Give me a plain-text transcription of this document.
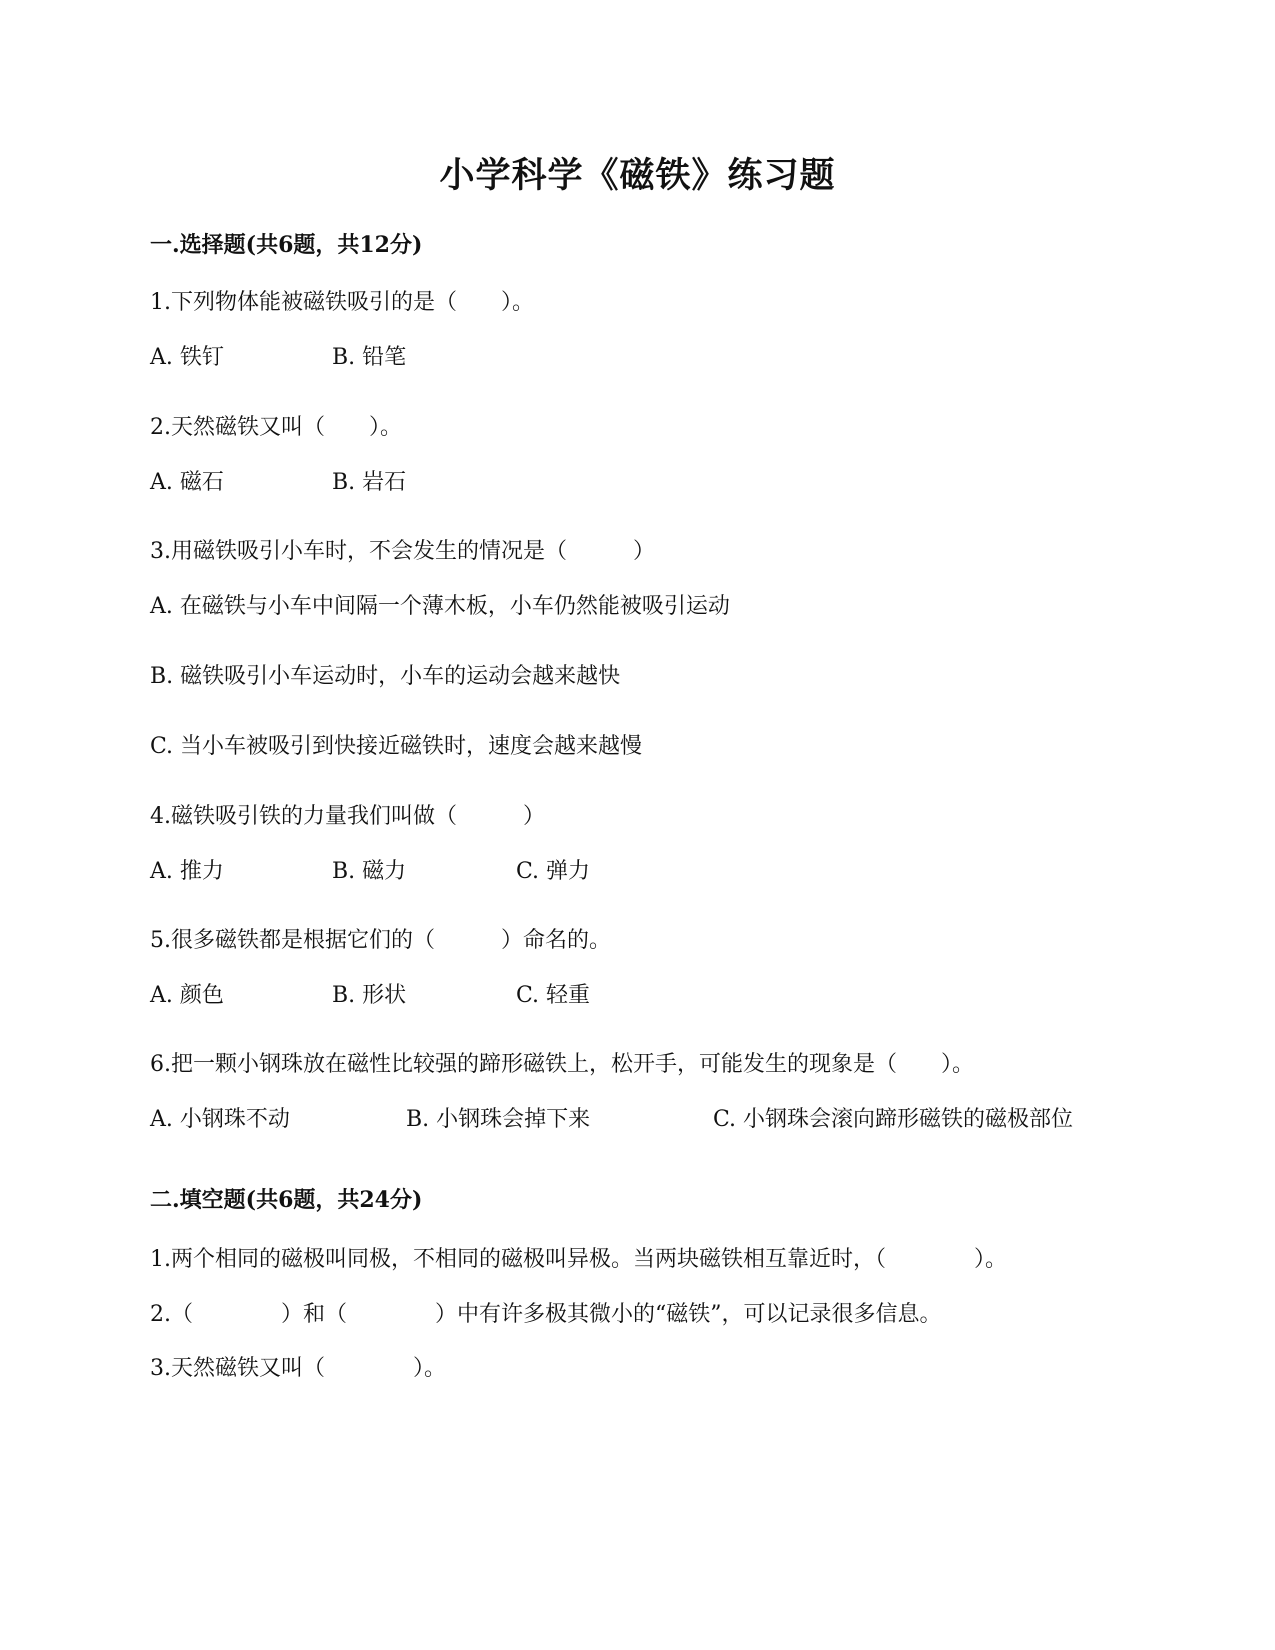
小学科学《磁铁》练习题
一.选择题(共6题，共12分)

1.下列物体能被磁铁吸引的是（　　）。

A. 铁钉	B. 铅笔

2.天然磁铁又叫（　　）。

A. 磁石	B. 岩石

3.用磁铁吸引小车时，不会发生的情况是（　　　）

A. 在磁铁与小车中间隔一个薄木板，小车仍然能被吸引运动
B. 磁铁吸引小车运动时，小车的运动会越来越快
C. 当小车被吸引到快接近磁铁时，速度会越来越慢

4.磁铁吸引铁的力量我们叫做（　　　）

A. 推力	B. 磁力	C. 弹力

5.很多磁铁都是根据它们的（　　　）命名的。

A. 颜色	B. 形状	C. 轻重

6.把一颗小钢珠放在磁性比较强的蹄形磁铁上，松开手，可能发生的现象是（　　）。

A. 小钢珠不动	B. 小钢珠会掉下来	C. 小钢珠会滚向蹄形磁铁的磁极部位
二.填空题(共6题，共24分)

1.两个相同的磁极叫同极，不相同的磁极叫异极。当两块磁铁相互靠近时，（　　　　）。

2.（　　　　）和（　　　　）中有许多极其微小的“磁铁”，可以记录很多信息。

3.天然磁铁又叫（　　　　）。
